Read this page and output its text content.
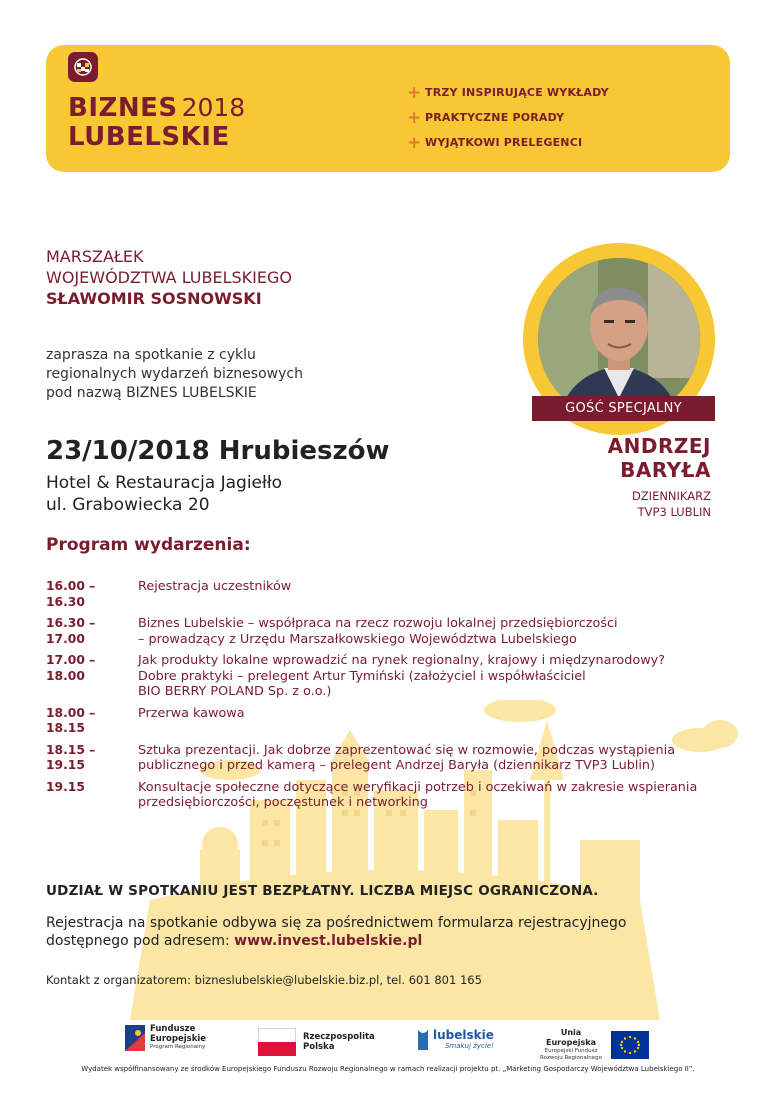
BIZNES 2018
LUBELSKIE
+ TRZY INSPIRUJĄCE WYKŁADY
+ PRAKTYCZNE PORADY
+ WYJĄTKOWI PRELEGENCI
MARSZAŁEK
WOJEWÓDZTWA LUBELSKIEGO
SŁAWOMIR SOSNOWSKI
zaprasza na spotkanie z cyklu
regionalnych wydarzeń biznesowych
pod nazwą BIZNES LUBELSKIE
23/10/2018 Hrubieszów
Hotel & Restauracja Jagiełło
ul. Grabowiecka 20
GOŚĆ SPECJALNY
ANDRZEJ
BARYŁA
DZIENNIKARZ
TVP3 LUBLIN
Program wydarzenia:
16.00 – 16.30
Rejestracja uczestników
16.30 – 17.00
Biznes Lubelskie – współpraca na rzecz rozwoju lokalnej przedsiębiorczości
– prowadzący z Urzędu Marszałkowskiego Województwa Lubelskiego
17.00 – 18.00
Jak produkty lokalne wprowadzić na rynek regionalny, krajowy i międzynarodowy?
Dobre praktyki – prelegent Artur Tymiński (założyciel i współwłaściciel
BIO BERRY POLAND Sp. z o.o.)
18.00 – 18.15
Przerwa kawowa
18.15 – 19.15
Sztuka prezentacji. Jak dobrze zaprezentować się w rozmowie, podczas wystąpienia
publicznego i przed kamerą – prelegent Andrzej Baryła (dziennikarz TVP3 Lublin)
19.15	Konsultacje społeczne dotyczące weryfikacji potrzeb i oczekiwań w zakresie wspierania
przedsiębiorczości, poczęstunek i networking
UDZIAŁ W SPOTKANIU JEST BEZPŁATNY. LICZBA MIEJSC OGRANICZONA.
Rejestracja na spotkanie odbywa się za pośrednictwem formularza rejestracyjnego
dostępnego pod adresem: www.invest.lubelskie.pl
Kontakt z organizatorem: bizneslubelskie@lubelskie.biz.pl, tel. 601 801 165
Fundusze
Europejskie
Program Regionalny
Rzeczpospolita
Polska
lubelskie
Smakuj życie!
Unia Europejska
Europejski Fundusz
Rozwoju Regionalnego
Wydatek współfinansowany ze środków Europejskiego Funduszu Rozwoju Regionalnego w ramach realizacji projektu pt. „Marketing Gospodarczy Województwa Lubelskiego II”.
